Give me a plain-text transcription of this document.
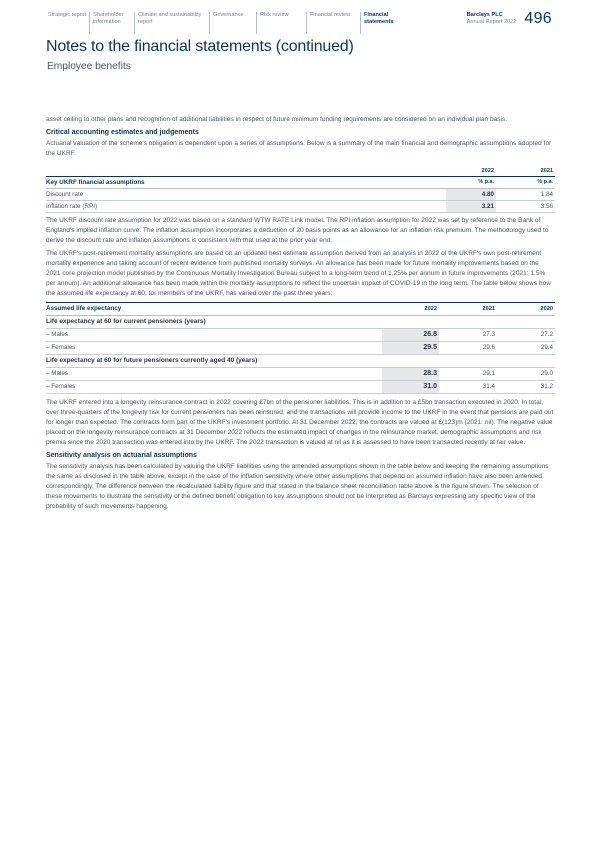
Strategic report	Shareholder information
Climate and sustainability report
Governance	Risk review	Financial review	Financial statements
Barclays PLC
Annual Report 2022 496
Notes to the financial statements (continued)
Employee benefits

asset ceiling to other plans and recognition of additional liabilities in respect of future minimum funding requirements are considered on an individual plan basis.

Critical accounting estimates and judgements

Actuarial valuation of the scheme's obligation is dependent upon a series of assumptions. Below is a summary of the main financial and demographic assumptions adopted for the UKRF.

	2022	2021
Key UKRF financial assumptions	% p.a.	% p.a.
Discount rate	4.80	1.84
Inflation rate (RPI)	3.21	3.56

The UKRF discount rate assumption for 2022 was based on a standard WTW RATE:Link model. The RPI inflation assumption for 2022 was set by reference to the Bank of England's implied inflation curve. The inflation assumption incorporates a deduction of 20 basis points as an allowance for an inflation risk premium. The methodology used to derive the discount rate and inflation assumptions is consistent with that used at the prior year end.

The UKRF's post-retirement mortality assumptions are based on an updated best estimate assumption derived from an analysis in 2022 of the UKRF's own post-retirement mortality experience and taking account of recent evidence from published mortality surveys. An allowance has been made for future mortality improvements based on the 2021 core projection model published by the Continuous Mortality Investigation Bureau subject to a long-term trend of 1.25% per annum in future improvements (2021: 1.5% per annum). An additional allowance has been made within the mortality assumptions to reflect the uncertain impact of COVID-19 in the long term. The table below shows how the assumed life expectancy at 60, for members of the UKRF, has varied over the past three years:

Assumed life expectancy	2022	2021	2020
Life expectancy at 60 for current pensioners (years)			
– Males	26.8	27.3	27.2
– Females	29.5	29.6	29.4
Life expectancy at 60 for future pensioners currently aged 40 (years)			
– Males	28.3	29.1	29.0
– Females	31.0	31.4	31.2

The UKRF entered into a longevity reinsurance contract in 2022 covering £7bn of the pensioner liabilities. This is in addition to a £5bn transaction executed in 2020. In total, over three-quarters of the longevity risk for current pensioners has been reinsured, and the transactions will provide income to the UKRF in the event that pensions are paid out for longer than expected. The contracts form part of the UKRF's investment portfolio. At 31 December 2022, the contracts are valued at £(123)m (2021: nil). The negative value placed on the longevity reinsurance contracts at 31 December 2022 reflects the estimated impact of changes in the reinsurance market, demographic assumptions and risk premia since the 2020 transaction was entered into by the UKRF. The 2022 transaction is valued at nil as it is assessed to have been transacted recently at fair value.

Sensitivity analysis on actuarial assumptions

The sensitivity analysis has been calculated by valuing the UKRF liabilities using the amended assumptions shown in the table below and keeping the remaining assumptions the same as disclosed in the table above, except in the case of the inflation sensitivity where other assumptions that depend on assumed inflation have also been amended correspondingly. The difference between the recalculated liability figure and that stated in the balance sheet reconciliation table above is the figure shown. The selection of these movements to illustrate the sensitivity of the defined benefit obligation to key assumptions should not be interpreted as Barclays expressing any specific view of the probability of such movements happening.
